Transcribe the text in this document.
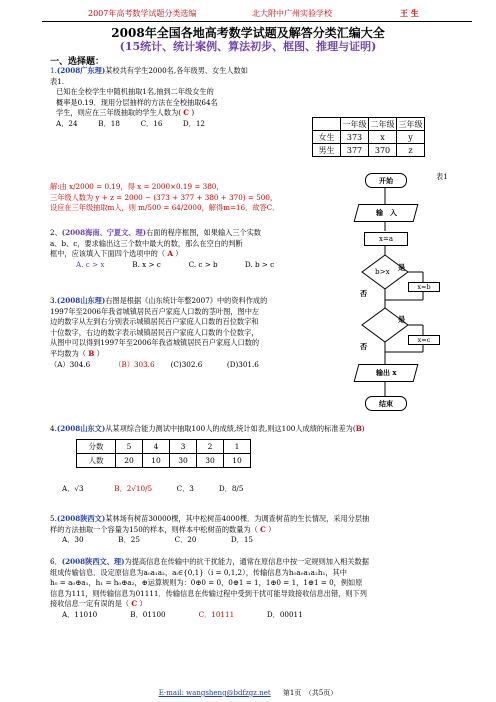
2007年高考数学试题分类选编	北大附中广州实验学校	王 生
2008年全国各地高考数学试题及解答分类汇编大全
(15统计、统计案例、算法初步、框图、推理与证明)
一、选择题：
1.(2008广东理)某校共有学生2000名,各年级男、女生人数如
表1.
已知在全校学生中随机抽取1名,抽到二年级女生的
概率是0.19．现用分层抽样的方法在全校抽取64名
学生，则应在三年级抽取的学生人数为( C )
A．24	B．18	C．16	D．12
		一年级	二年级	三年级
女生	373	x	y
男生	377	370	z
表1
解:由 x/2000 = 0.19，得 x = 2000×0.19 = 380，
三年级人数为 y + z = 2000 − (373 + 377 + 380 + 370) = 500，
设应在三年级抽取m人，则 m/500 = 64/2000，解得m=16．故答C．
开始
输　入
x=a
b>x 是
否
x=b
是
否
x=c
输出 x
结束
2、(2008海南、宁夏文、理)右面的程序框图，如果输入三个实数
a、b、c，要求输出这三个数中最大的数，那么在空白的判断
框中，应该填入下面四个选项中的（ A ）
A. c > x	B. x > c	C. c > b	D. b > c
3.(2008山东理)右图是根据《山东统计年整2007》中的资料作成的
1997年至2006年我省城镇居民百户家庭人口数的茎叶图，图中左
边的数字从左到右分别表示城镇居民百户家庭人口数的百位数字和
十位数字，右边的数字表示城镇居民百户家庭人口数的个位数字，
从图中可以得到1997年至2006年我省城镇居民百户家庭人口数的
平均数为（ B ）
（A）304.6	（B）303.6 (C)302.6	(D)301.6
4.(2008山东文)从某项综合能力测试中抽取100人的成绩,统计如表,则这100人成绩的标准差为(B)
分数	5	4	3	2	1
人数	20	10	30	30	10
A．√3	B．2√10/5	C．3	D．8/5
5.(2008陕西文)某林场有树苗30000棵，其中松树苗4000棵．为调查树苗的生长情况，采用分层抽
样的方法抽取一个容量为150的样本，则样本中松树苗的数量为（ C ）
A．30	B．25	C．20	D．15
6．(2008陕西文、理)为提高信息在传输中的抗干扰能力，通常在原信息中按一定规则加入相关数据
组成传输信息．设定原信息为a₀a₁a₂，aᵢ∈{0,1}（i = 0,1,2），传输信息为h₀a₀a₁a₂h₁，其中
h₀ = a₀⊕a₁，h₁ = h₀⊕a₂，⊕运算规则为：0⊕0 = 0，0⊕1 = 1，1⊕0 = 1，1⊕1 = 0，例如原
信息为111，则传输信息为01111．传输信息在传输过程中受到干扰可能导致接收信息出错，则下列
接收信息一定有误的是（ C ）
A．11010	B．01100	C．10111	D．00011
E-mail: wangsheng@bdfzgz.net 第1页　（共5页）
